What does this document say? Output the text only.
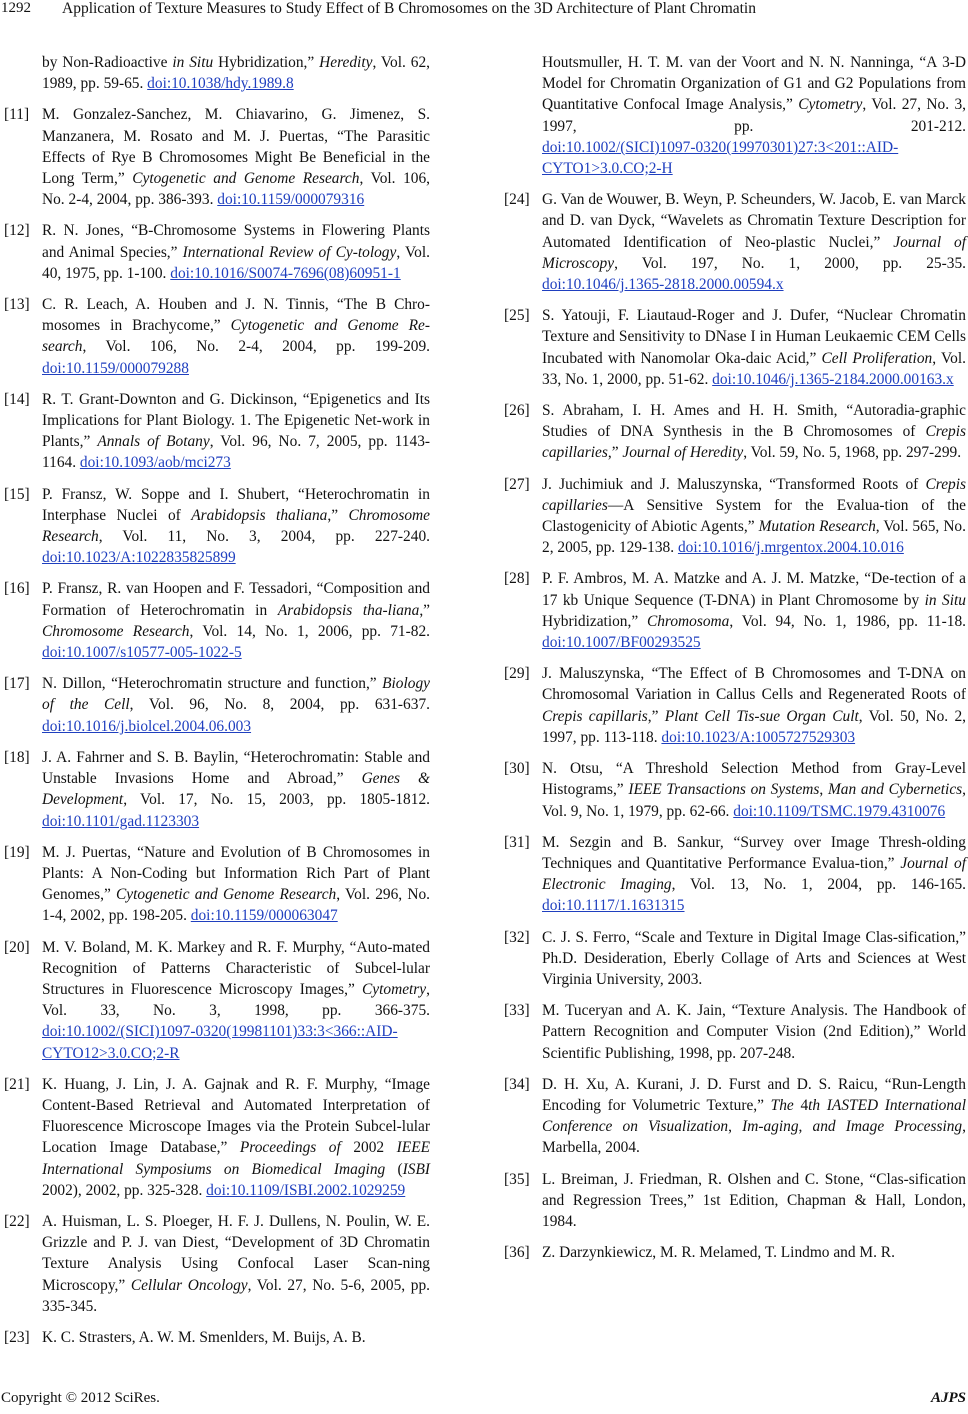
1292 Application of Texture Measures to Study Effect of B Chromosomes on the 3D Architecture of Plant Chromatin
by Non-Radioactive in Situ Hybridization,” Heredity, Vol. 62, 1989, pp. 59-65. doi:10.1038/hdy.1989.8
[11] M. Gonzalez-Sanchez, M. Chiavarino, G. Jimenez, S. Manzanera, M. Rosato and M. J. Puertas, “The Parasitic Effects of Rye B Chromosomes Might Be Beneficial in the Long Term,” Cytogenetic and Genome Research, Vol. 106, No. 2-4, 2004, pp. 386-393. doi:10.1159/000079316
[12] R. N. Jones, “B-Chromosome Systems in Flowering Plants and Animal Species,” International Review of Cy-tology, Vol. 40, 1975, pp. 1-100. doi:10.1016/S0074-7696(08)60951-1
[13] C. R. Leach, A. Houben and J. N. Tinnis, “The B Chro-mosomes in Brachycome,” Cytogenetic and Genome Re-search, Vol. 106, No. 2-4, 2004, pp. 199-209. doi:10.1159/000079288
[14] R. T. Grant-Downton and G. Dickinson, “Epigenetics and Its Implications for Plant Biology. 1. The Epigenetic Net-work in Plants,” Annals of Botany, Vol. 96, No. 7, 2005, pp. 1143-1164. doi:10.1093/aob/mci273
[15] P. Fransz, W. Soppe and I. Shubert, “Heterochromatin in Interphase Nuclei of Arabidopsis thaliana,” Chromosome Research, Vol. 11, No. 3, 2004, pp. 227-240. doi:10.1023/A:1022835825899
[16] P. Fransz, R. van Hoopen and F. Tessadori, “Composition and Formation of Heterochromatin in Arabidopsis tha-liana,” Chromosome Research, Vol. 14, No. 1, 2006, pp. 71-82. doi:10.1007/s10577-005-1022-5
[17] N. Dillon, “Heterochromatin structure and function,” Biology of the Cell, Vol. 96, No. 8, 2004, pp. 631-637. doi:10.1016/j.biolcel.2004.06.003
[18] J. A. Fahrner and S. B. Baylin, “Heterochromatin: Stable and Unstable Invasions Home and Abroad,” Genes & Development, Vol. 17, No. 15, 2003, pp. 1805-1812. doi:10.1101/gad.1123303
[19] M. J. Puertas, “Nature and Evolution of B Chromosomes in Plants: A Non-Coding but Information Rich Part of Plant Genomes,” Cytogenetic and Genome Research, Vol. 296, No. 1-4, 2002, pp. 198-205. doi:10.1159/000063047
[20] M. V. Boland, M. K. Markey and R. F. Murphy, “Auto-mated Recognition of Patterns Characteristic of Subcel-lular Structures in Fluorescence Microscopy Images,” Cytometry, Vol. 33, No. 3, 1998, pp. 366-375. doi:10.1002/(SICI)1097-0320(19981101)33:3<366::AID-CYTO12>3.0.CO;2-R
[21] K. Huang, J. Lin, J. A. Gajnak and R. F. Murphy, “Image Content-Based Retrieval and Automated Interpretation of Fluorescence Microscope Images via the Protein Subcel-lular Location Image Database,” Proceedings of 2002 IEEE International Symposiums on Biomedical Imaging (ISBI 2002), 2002, pp. 325-328. doi:10.1109/ISBI.2002.1029259
[22] A. Huisman, L. S. Ploeger, H. F. J. Dullens, N. Poulin, W. E. Grizzle and P. J. van Diest, “Development of 3D Chromatin Texture Analysis Using Confocal Laser Scan-ning Microscopy,” Cellular Oncology, Vol. 27, No. 5-6, 2005, pp. 335-345.
[23] K. C. Strasters, A. W. M. Smenlders, M. Buijs, A. B.
Houtsmuller, H. T. M. van der Voort and N. N. Nanninga, “A 3-D Model for Chromatin Organization of G1 and G2 Populations from Quantitative Confocal Image Analysis,” Cytometry, Vol. 27, No. 3, 1997, pp. 201-212. doi:10.1002/(SICI)1097-0320(19970301)27:3<201::AID-CYTO1>3.0.CO;2-H
[24] G. Van de Wouwer, B. Weyn, P. Scheunders, W. Jacob, E. van Marck and D. van Dyck, “Wavelets as Chromatin Texture Description for Automated Identification of Neo-plastic Nuclei,” Journal of Microscopy, Vol. 197, No. 1, 2000, pp. 25-35. doi:10.1046/j.1365-2818.2000.00594.x
[25] S. Yatouji, F. Liautaud-Roger and J. Dufer, “Nuclear Chromatin Texture and Sensitivity to DNase I in Human Leukaemic CEM Cells Incubated with Nanomolar Oka-daic Acid,” Cell Proliferation, Vol. 33, No. 1, 2000, pp. 51-62. doi:10.1046/j.1365-2184.2000.00163.x
[26] S. Abraham, I. H. Ames and H. H. Smith, “Autoradia-graphic Studies of DNA Synthesis in the B Chromosomes of Crepis capillaries,” Journal of Heredity, Vol. 59, No. 5, 1968, pp. 297-299.
[27] J. Juchimiuk and J. Maluszynska, “Transformed Roots of Crepis capillaries—A Sensitive System for the Evalua-tion of the Clastogenicity of Abiotic Agents,” Mutation Research, Vol. 565, No. 2, 2005, pp. 129-138. doi:10.1016/j.mrgentox.2004.10.016
[28] P. F. Ambros, M. A. Matzke and A. J. M. Matzke, “De-tection of a 17 kb Unique Sequence (T-DNA) in Plant Chromosome by in Situ Hybridization,” Chromosoma, Vol. 94, No. 1, 1986, pp. 11-18. doi:10.1007/BF00293525
[29] J. Maluszynska, “The Effect of B Chromosomes and T-DNA on Chromosomal Variation in Callus Cells and Regenerated Roots of Crepis capillaris,” Plant Cell Tis-sue Organ Cult, Vol. 50, No. 2, 1997, pp. 113-118. doi:10.1023/A:1005727529303
[30] N. Otsu, “A Threshold Selection Method from Gray-Level Histograms,” IEEE Transactions on Systems, Man and Cybernetics, Vol. 9, No. 1, 1979, pp. 62-66. doi:10.1109/TSMC.1979.4310076
[31] M. Sezgin and B. Sankur, “Survey over Image Thresh-olding Techniques and Quantitative Performance Evalua-tion,” Journal of Electronic Imaging, Vol. 13, No. 1, 2004, pp. 146-165. doi:10.1117/1.1631315
[32] C. J. S. Ferro, “Scale and Texture in Digital Image Clas-sification,” Ph.D. Desideration, Eberly Collage of Arts and Sciences at West Virginia University, 2003.
[33] M. Tuceryan and A. K. Jain, “Texture Analysis. The Handbook of Pattern Recognition and Computer Vision (2nd Edition),” World Scientific Publishing, 1998, pp. 207-248.
[34] D. H. Xu, A. Kurani, J. D. Furst and D. S. Raicu, “Run-Length Encoding for Volumetric Texture,” The 4th IASTED International Conference on Visualization, Im-aging, and Image Processing, Marbella, 2004.
[35] L. Breiman, J. Friedman, R. Olshen and C. Stone, “Clas-sification and Regression Trees,” 1st Edition, Chapman & Hall, London, 1984.
[36] Z. Darzynkiewicz, M. R. Melamed, T. Lindmo and M. R.
Copyright © 2012 SciRes.	AJPS
